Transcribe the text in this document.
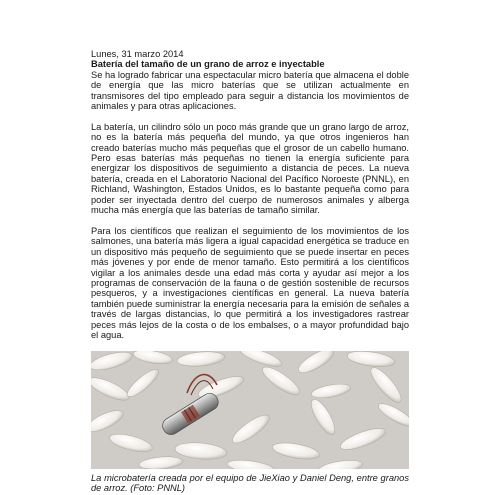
Lunes, 31 marzo 2014

Batería del tamaño de un grano de arroz e inyectable

Se ha logrado fabricar una espectacular micro batería que almacena el doble de energía que las micro baterías que se utilizan actualmente en transmisores del tipo empleado para seguir a distancia los movimientos de animales y para otras aplicaciones.

La batería, un cilindro sólo un poco más grande que un grano largo de arroz, no es la batería más pequeña del mundo, ya que otros ingenieros han creado baterías mucho más pequeñas que el grosor de un cabello humano. Pero esas baterías más pequeñas no tienen la energía suficiente para energizar los dispositivos de seguimiento a distancia de peces. La nueva batería, creada en el Laboratorio Nacional del Pacífico Noroeste (PNNL), en Richland, Washington, Estados Unidos, es lo bastante pequeña como para poder ser inyectada dentro del cuerpo de numerosos animales y alberga mucha más energía que las baterías de tamaño similar.

Para los científicos que realizan el seguimiento de los movimientos de los salmones, una batería más ligera a igual capacidad energética se traduce en un dispositivo más pequeño de seguimiento que se puede insertar en peces más jóvenes y por ende de menor tamaño. Esto permitirá a los científicos vigilar a los animales desde una edad más corta y ayudar así mejor a los programas de conservación de la fauna o de gestión sostenible de recursos pesqueros, y a investigaciones científicas en general. La nueva batería también puede suministrar la energía necesaria para la emisión de señales a través de largas distancias, lo que permitirá a los investigadores rastrear peces más lejos de la costa o de los embalses, o a mayor profundidad bajo el agua.

La microbatería creada por el equipo de JieXiao y Daniel Deng, entre granos de arroz. (Foto: PNNL)
